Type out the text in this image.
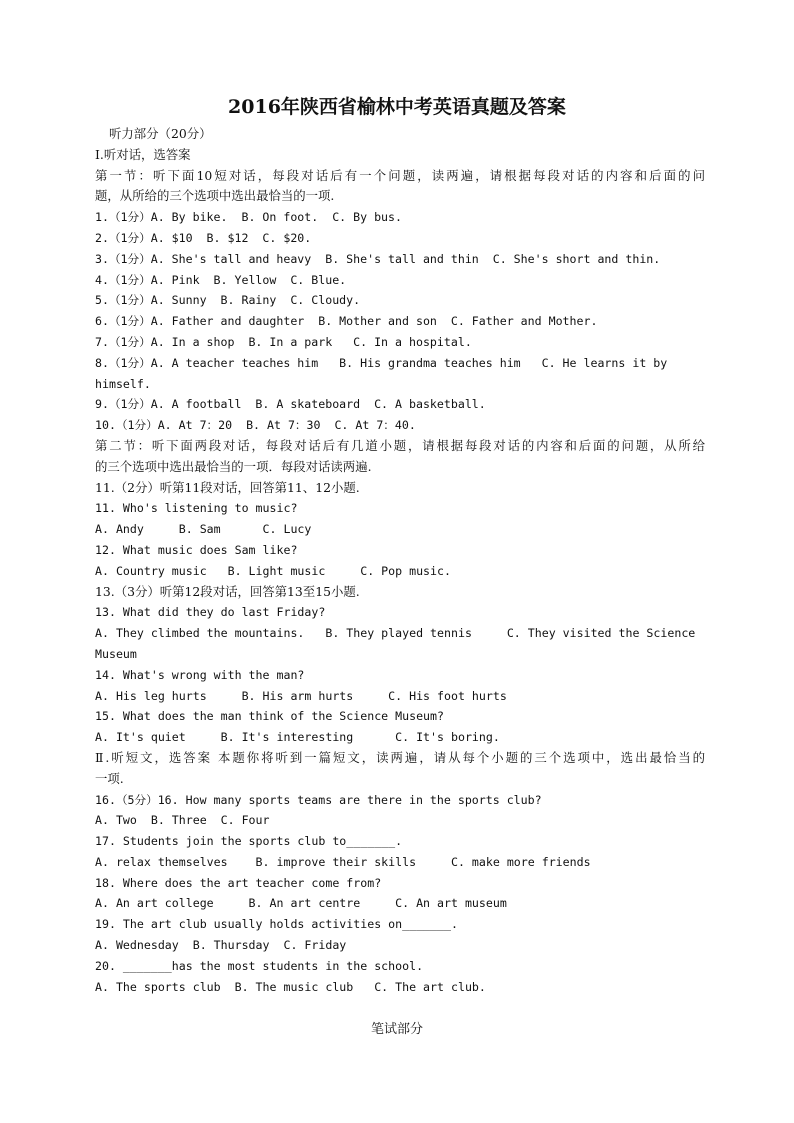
2016年陕西省榆林中考英语真题及答案

听力部分（20分）

Ⅰ.听对话，选答案

第一节：听下面10短对话，每段对话后有一个问题，读两遍，请根据每段对话的内容和后面的问

题，从所给的三个选项中选出最恰当的一项.

1.（1分）A. By bike.  B. On foot.  C. By bus.

2.（1分）A. $10  B. $12  C. $20.

3.（1分）A. She's tall and heavy  B. She's tall and thin  C. She's short and thin.

4.（1分）A. Pink  B. Yellow  C. Blue.

5.（1分）A. Sunny  B. Rainy  C. Cloudy.

6.（1分）A. Father and daughter  B. Mother and son  C. Father and Mother.

7.（1分）A. In a shop  B. In a park   C. In a hospital.

8.（1分）A. A teacher teaches him   B. His grandma teaches him   C. He learns it by

himself.

9.（1分）A. A football  B. A skateboard  C. A basketball.

10.（1分）A. At 7：20  B. At 7：30  C. At 7：40.

第二节：听下面两段对话，每段对话后有几道小题，请根据每段对话的内容和后面的问题，从所给

的三个选项中选出最恰当的一项．每段对话读两遍.

11.（2分）听第11段对话，回答第11、12小题.

11. Who's listening to music?

A. Andy     B. Sam      C. Lucy

12. What music does Sam like?

A. Country music   B. Light music     C. Pop music.

13.（3分）听第12段对话，回答第13至15小题.

13. What did they do last Friday?

A. They climbed the mountains.   B. They played tennis     C. They visited the Science

Museum

14. What's wrong with the man?

A. His leg hurts     B. His arm hurts     C. His foot hurts

15. What does the man think of the Science Museum?

A. It's quiet     B. It's interesting      C. It's boring.

Ⅱ.听短文，选答案 本题你将听到一篇短文，读两遍，请从每个小题的三个选项中，选出最恰当的

一项.

16.（5分）16. How many sports teams are there in the sports club?

A. Two  B. Three  C. Four

17. Students join the sports club to_______.

A. relax themselves    B. improve their skills     C. make more friends

18. Where does the art teacher come from?

A. An art college     B. An art centre     C. An art museum

19. The art club usually holds activities on_______.

A. Wednesday  B. Thursday  C. Friday

20. _______has the most students in the school.

A. The sports club  B. The music club   C. The art club.

笔试部分
